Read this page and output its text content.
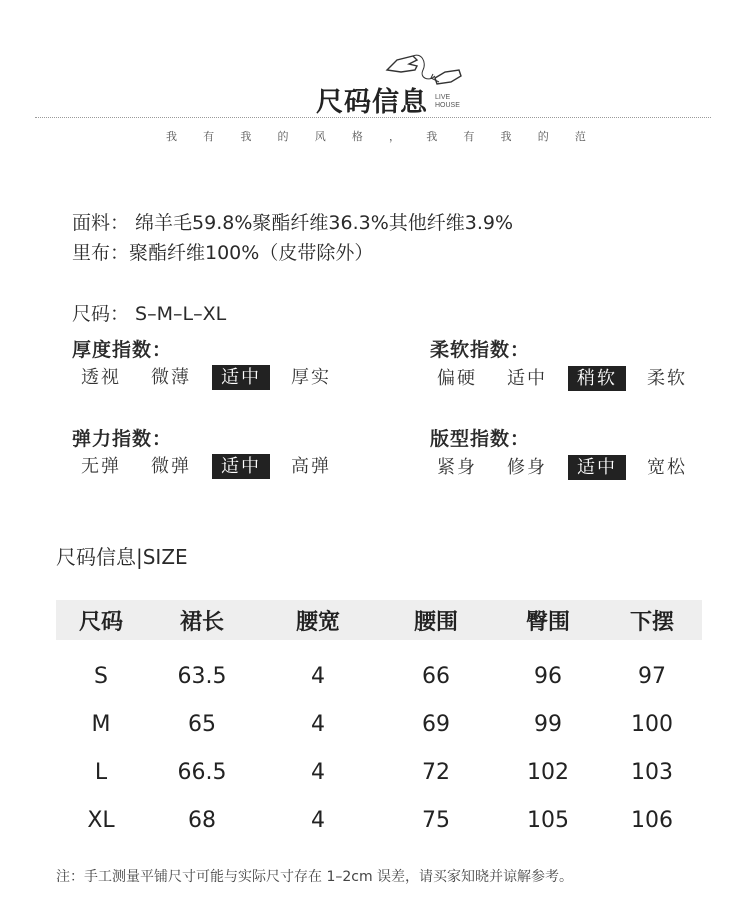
尺码信息 LIVE
HOUSE
我 有 我 的 风 格 ， 我 有 我 的 范
面料： 绵羊毛59.8%聚酯纤维36.3%其他纤维3.9%
里布：聚酯纤维100%（皮带除外）
尺码： S–M–L–XL
厚度指数：
透视	微薄	适中	厚实
柔软指数：
偏硬	适中	稍软	柔软
弹力指数：
无弹	微弹	适中	高弹
版型指数：
紧身	修身	适中	宽松
尺码信息|SIZE
尺码	裙长	腰宽	腰围	臀围	下摆
S	63.5	4	66	96	97
M	65	4	69	99	100
L	66.5	4	72	102	103
XL	68	4	75	105	106
注：手工测量平铺尺寸可能与实际尺寸存在 1–2cm 误差，请买家知晓并谅解参考。
